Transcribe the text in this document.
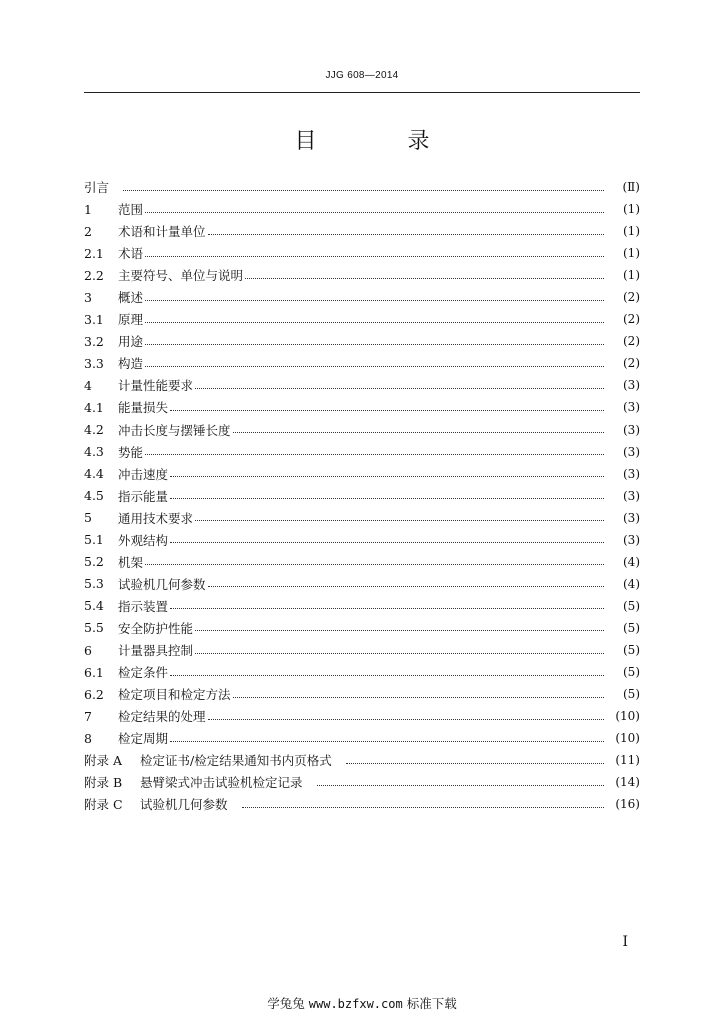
JJG 608—2014
目 录
引言	(Ⅱ)
1	范围	(1)
2	术语和计量单位	(1)
2.1	术语	(1)
2.2	主要符号、单位与说明	(1)
3	概述	(2)
3.1	原理	(2)
3.2	用途	(2)
3.3	构造	(2)
4	计量性能要求	(3)
4.1	能量损失	(3)
4.2	冲击长度与摆锤长度	(3)
4.3	势能	(3)
4.4	冲击速度	(3)
4.5	指示能量	(3)
5	通用技术要求	(3)
5.1	外观结构	(3)
5.2	机架	(4)
5.3	试验机几何参数	(4)
5.4	指示装置	(5)
5.5	安全防护性能	(5)
6	计量器具控制	(5)
6.1	检定条件	(5)
6.2	检定项目和检定方法	(5)
7	检定结果的处理	(10)
8	检定周期	(10)
附录 A	检定证书/检定结果通知书内页格式	(11)
附录 B	悬臂梁式冲击试验机检定记录	(14)
附录 C	试验机几何参数	(16)
I
学兔兔 www.bzfxw.com 标准下载
